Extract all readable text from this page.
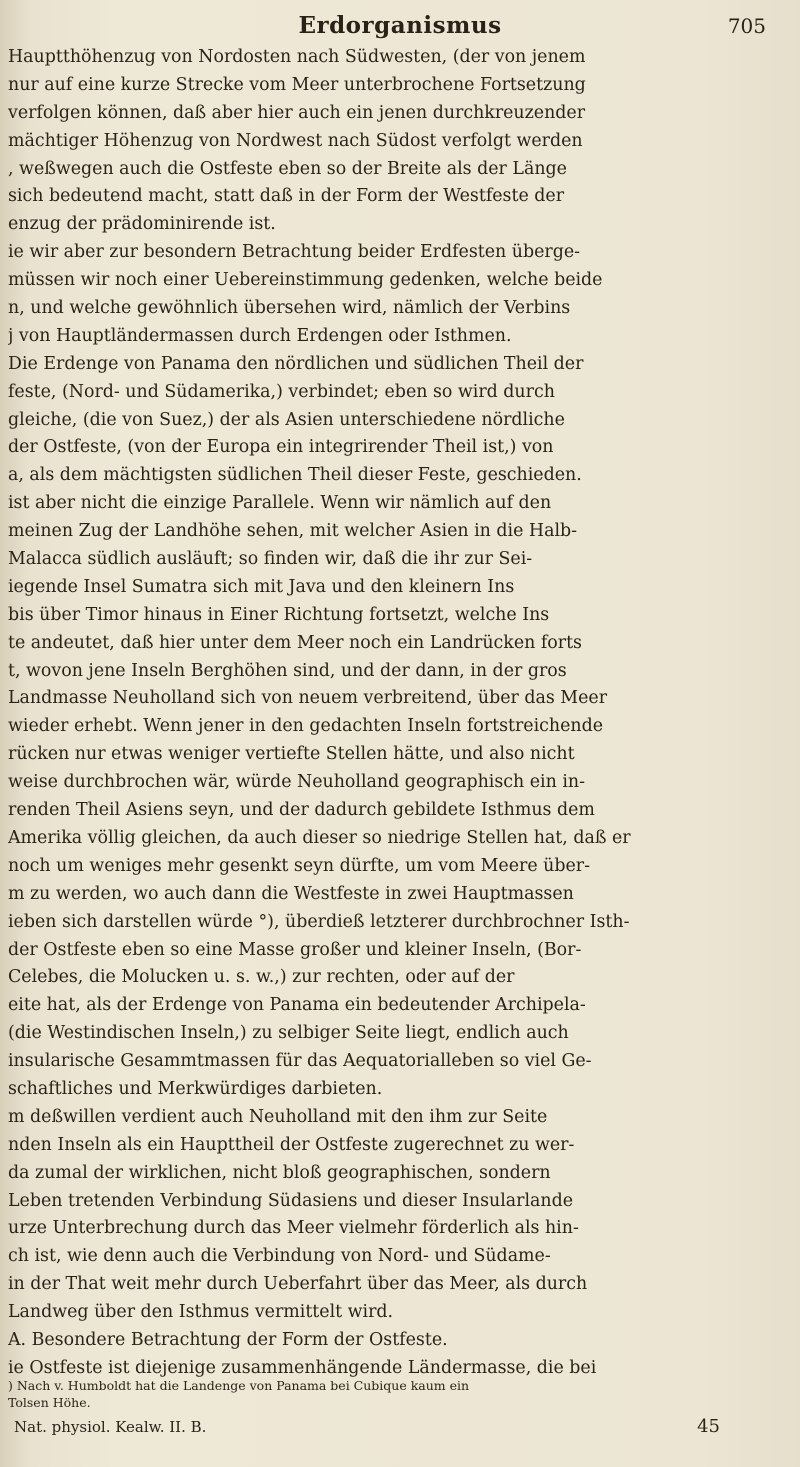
Erdorganismus	705
Hauptthöhenzug von Nordosten nach Südwesten, (der von jenem
nur auf eine kurze Strecke vom Meer unterbrochene Fortsetzung
verfolgen können, daß aber hier auch ein jenen durchkreuzender
mächtiger Höhenzug von Nordwest nach Südost verfolgt werden
, weßwegen auch die Ostfeste eben so der Breite als der Länge
sich bedeutend macht, statt daß in der Form der Westfeste der
enzug der prädominirende ist.
ie wir aber zur besondern Betrachtung beider Erdfesten überge-
müssen wir noch einer Uebereinstimmung gedenken, welche beide
n, und welche gewöhnlich übersehen wird, nämlich der Verbins
j von Hauptländermassen durch Erdengen oder Isthmen.
Die Erdenge von Panama den nördlichen und südlichen Theil der
feste, (Nord- und Südamerika,) verbindet; eben so wird durch
gleiche, (die von Suez,) der als Asien unterschiedene nördliche
der Ostfeste, (von der Europa ein integrirender Theil ist,) von
a, als dem mächtigsten südlichen Theil dieser Feste, geschieden.
ist aber nicht die einzige Parallele. Wenn wir nämlich auf den
meinen Zug der Landhöhe sehen, mit welcher Asien in die Halb-
Malacca südlich ausläuft; so finden wir, daß die ihr zur Sei-
iegende Insel Sumatra sich mit Java und den kleinern Ins
bis über Timor hinaus in Einer Richtung fortsetzt, welche Ins
te andeutet, daß hier unter dem Meer noch ein Landrücken forts
t, wovon jene Inseln Berghöhen sind, und der dann, in der gros
Landmasse Neuholland sich von neuem verbreitend, über das Meer
wieder erhebt. Wenn jener in den gedachten Inseln fortstreichende
rücken nur etwas weniger vertiefte Stellen hätte, und also nicht
weise durchbrochen wär, würde Neuholland geographisch ein in-
renden Theil Asiens seyn, und der dadurch gebildete Isthmus dem
Amerika völlig gleichen, da auch dieser so niedrige Stellen hat, daß er
noch um weniges mehr gesenkt seyn dürfte, um vom Meere über-
m zu werden, wo auch dann die Westfeste in zwei Hauptmassen
ieben sich darstellen würde °), überdieß letzterer durchbrochner Isth-
der Ostfeste eben so eine Masse großer und kleiner Inseln, (Bor-
Celebes, die Molucken u. s. w.,) zur rechten, oder auf der
eite hat, als der Erdenge von Panama ein bedeutender Archipela-
(die Westindischen Inseln,) zu selbiger Seite liegt, endlich auch
insularische Gesammtmassen für das Aequatorialleben so viel Ge-
schaftliches und Merkwürdiges darbieten.
m deßwillen verdient auch Neuholland mit den ihm zur Seite
nden Inseln als ein Haupttheil der Ostfeste zugerechnet zu wer-
da zumal der wirklichen, nicht bloß geographischen, sondern
Leben tretenden Verbindung Südasiens und dieser Insularlande
urze Unterbrechung durch das Meer vielmehr förderlich als hin-
ch ist, wie denn auch die Verbindung von Nord- und Südame-
in der That weit mehr durch Ueberfahrt über das Meer, als durch
Landweg über den Isthmus vermittelt wird.
A. Besondere Betrachtung der Form der Ostfeste.
ie Ostfeste ist diejenige zusammenhängende Ländermasse, die bei
) Nach v. Humboldt hat die Landenge von Panama bei Cubique kaum ein
Tolsen Höhe.
Nat. physiol. Kealw. II. B.	45
